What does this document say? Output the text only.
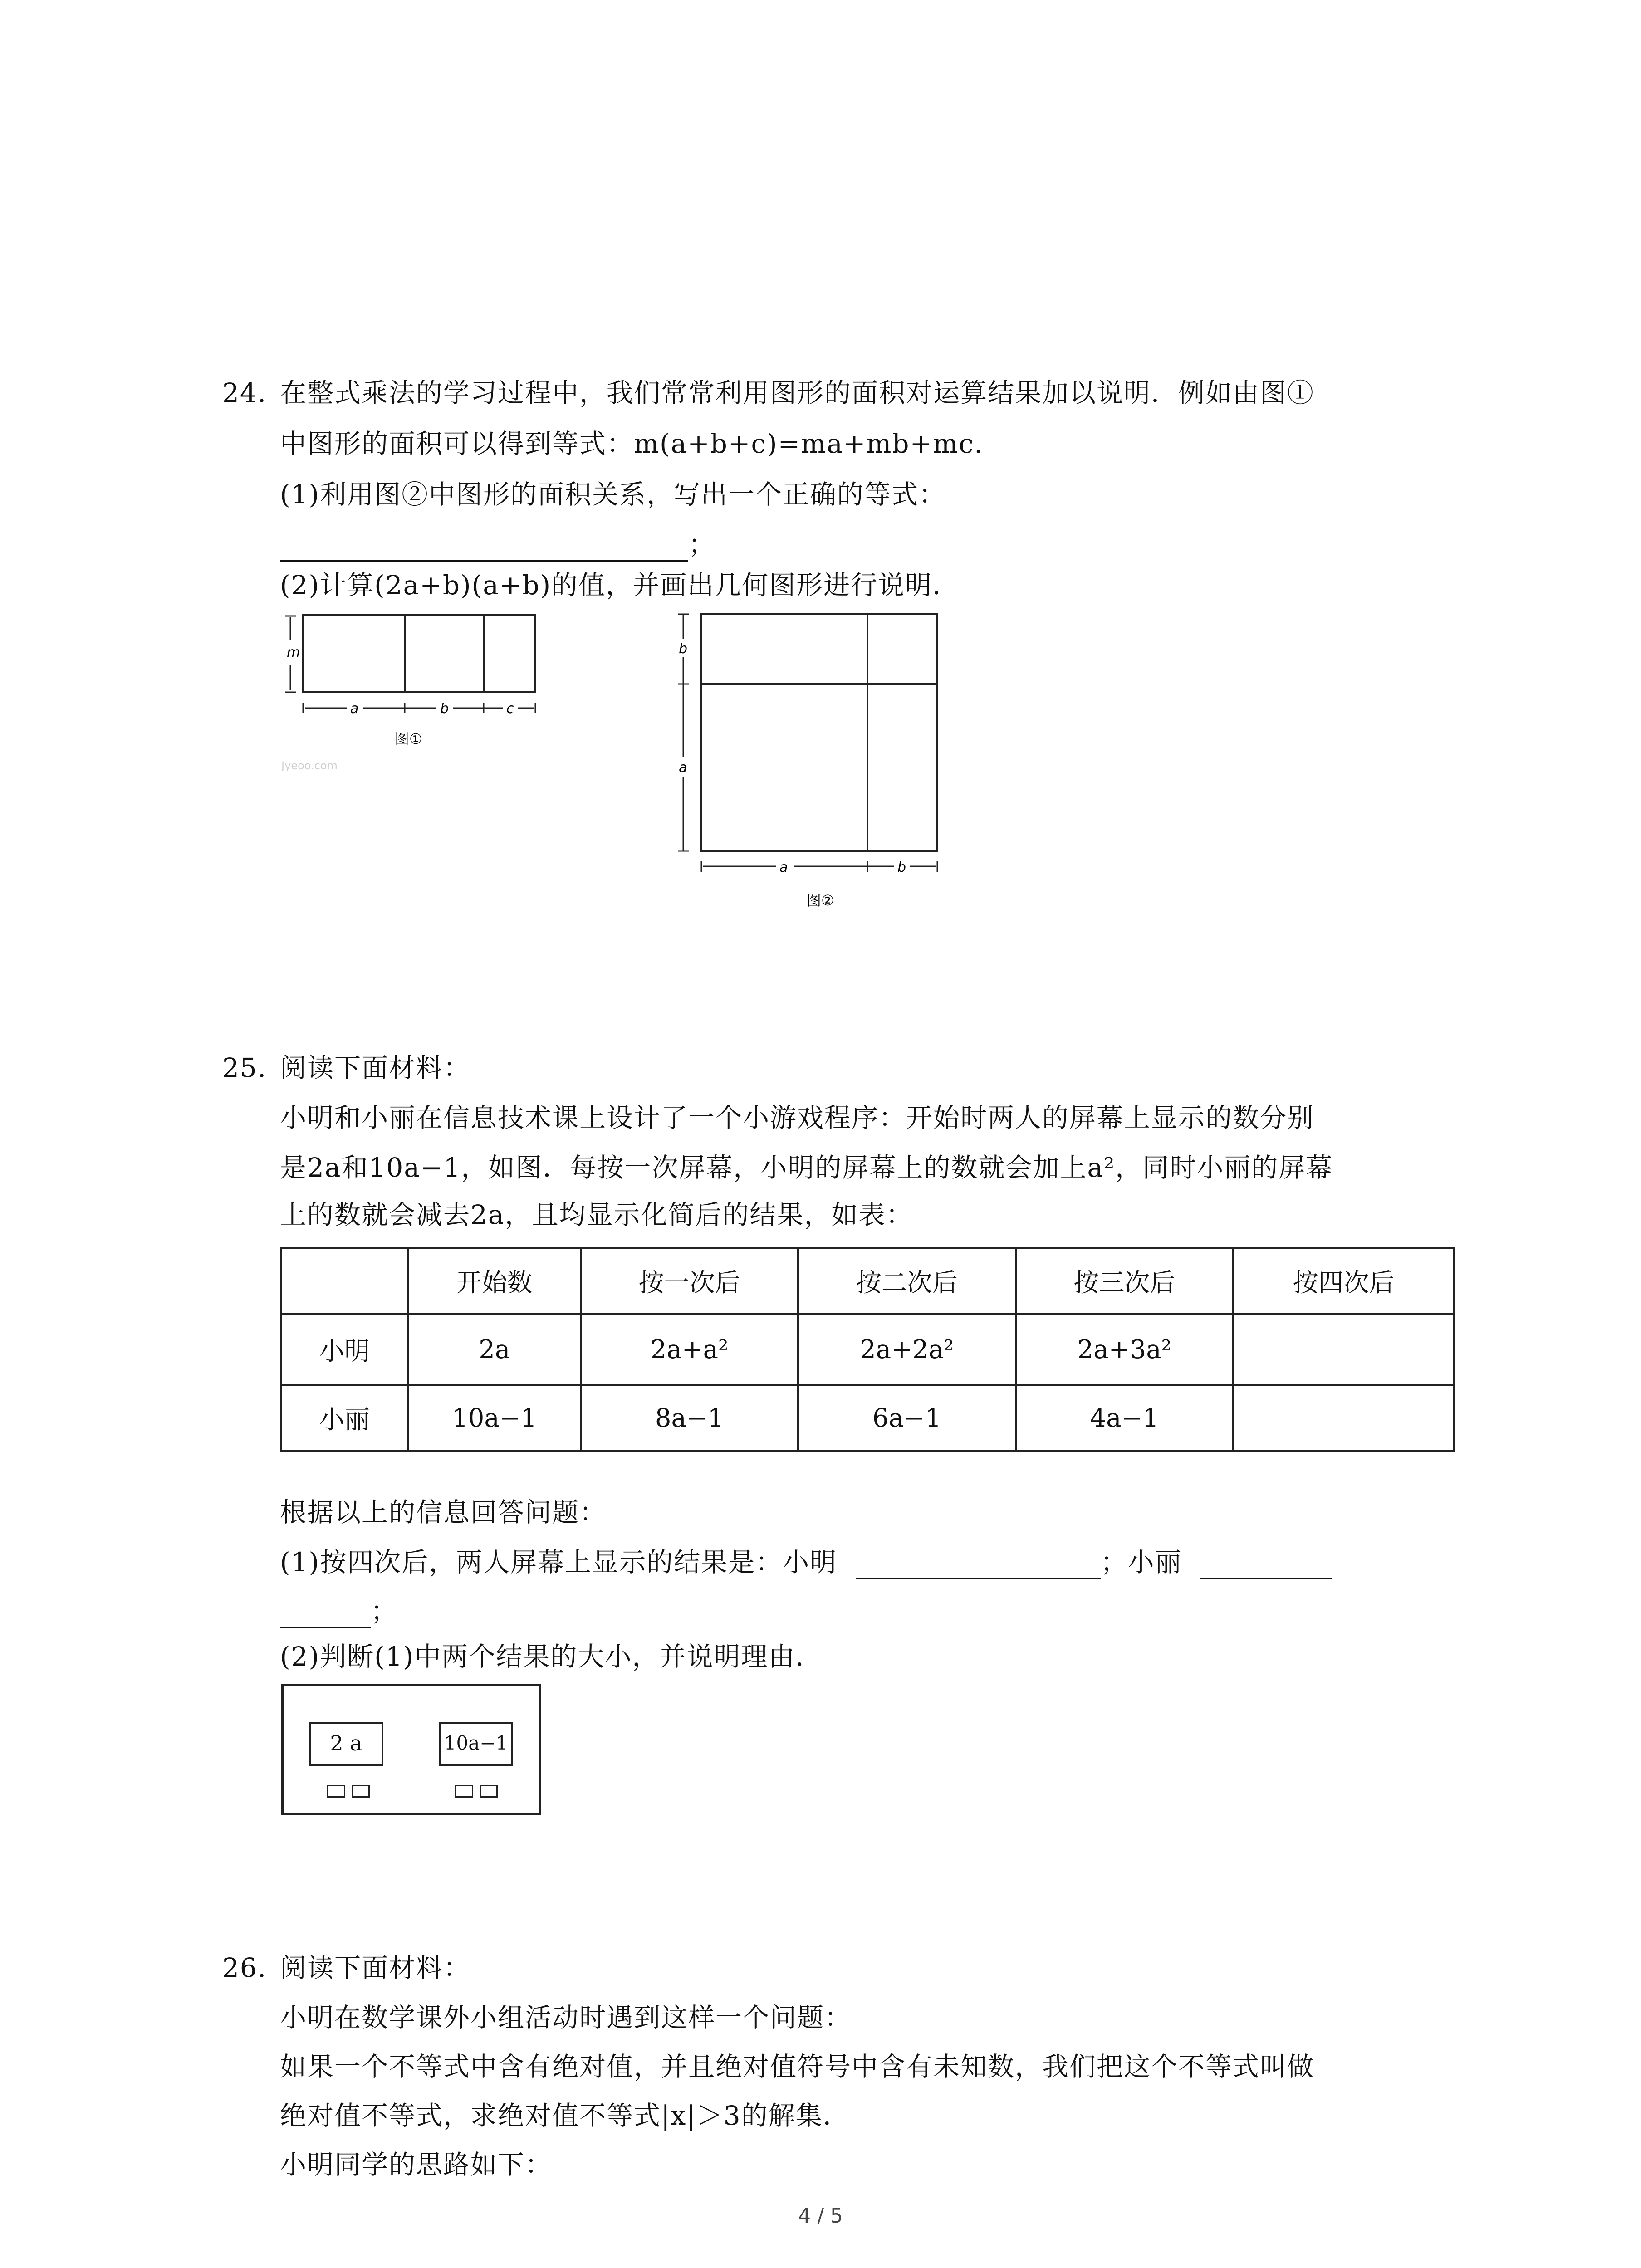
24. 在整式乘法的学习过程中，我们常常利用图形的面积对运算结果加以说明．例如由图①
中图形的面积可以得到等式：m(a+b+c)=ma+mb+mc．
(1)利用图②中图形的面积关系，写出一个正确的等式：
；
(2)计算(2a+b)(a+b)的值，并画出几何图形进行说明．
m
a	b	c
图①
Jyeoo.com
b
a
a	b
图②
25. 阅读下面材料：
小明和小丽在信息技术课上设计了一个小游戏程序：开始时两人的屏幕上显示的数分别
是2a和10a−1，如图．每按一次屏幕，小明的屏幕上的数就会加上a²，同时小丽的屏幕
上的数就会减去2a，且均显示化简后的结果，如表：
	开始数	按一次后	按二次后	按三次后	按四次后
小明	2a	2a+a²	2a+2a²	2a+3a²	
小丽	10a−1	8a−1	6a−1	4a−1	
根据以上的信息回答问题：
(1)按四次后，两人屏幕上显示的结果是：小明	；小丽
；
(2)判断(1)中两个结果的大小，并说明理由．
2 a	10a−1
26. 阅读下面材料：
小明在数学课外小组活动时遇到这样一个问题：
如果一个不等式中含有绝对值，并且绝对值符号中含有未知数，我们把这个不等式叫做
绝对值不等式，求绝对值不等式|x|＞3的解集．
小明同学的思路如下：
4 / 5
